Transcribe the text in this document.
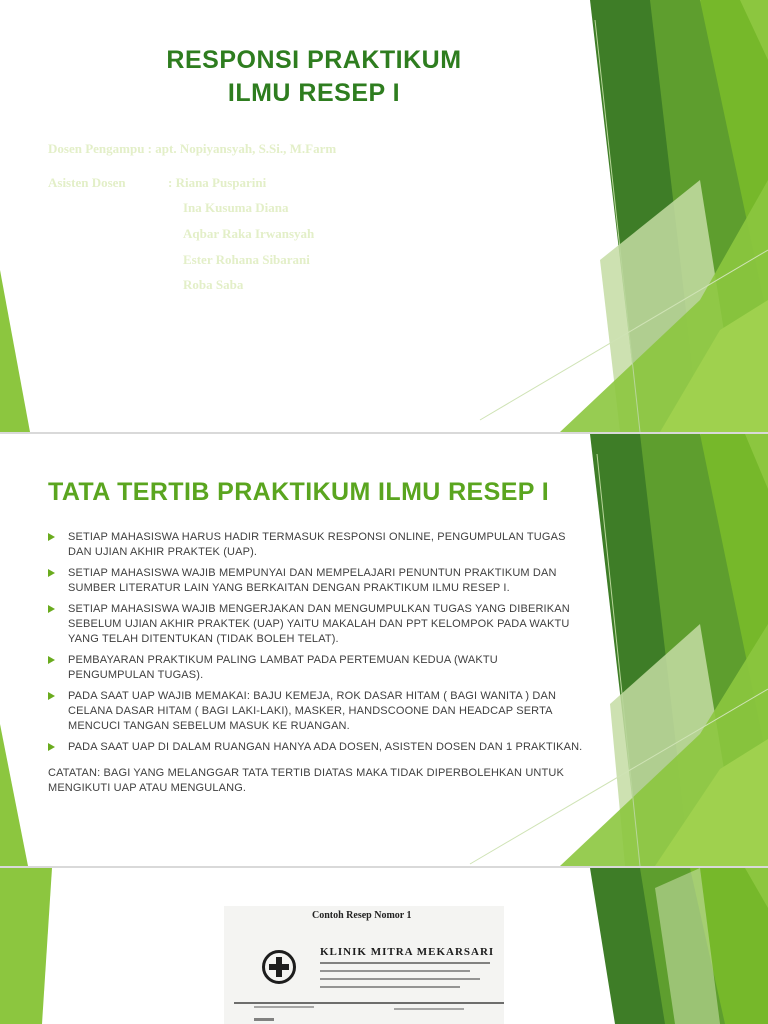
RESPONSI PRAKTIKUM
ILMU RESEP I
Dosen Pengampu : apt. Nopiyansyah, S.Si., M.Farm
Asisten Dosen	: Riana Pusparini
Ina Kusuma Diana
Aqbar Raka Irwansyah
Ester Rohana Sibarani
Roba Saba
TATA TERTIB PRAKTIKUM ILMU RESEP I
SETIAP MAHASISWA HARUS HADIR TERMASUK RESPONSI ONLINE, PENGUMPULAN TUGAS DAN UJIAN AKHIR PRAKTEK (UAP).
SETIAP MAHASISWA WAJIB MEMPUNYAI DAN MEMPELAJARI PENUNTUN PRAKTIKUM DAN SUMBER LITERATUR LAIN YANG BERKAITAN DENGAN PRAKTIKUM ILMU RESEP I.
SETIAP MAHASISWA WAJIB MENGERJAKAN DAN MENGUMPULKAN TUGAS YANG DIBERIKAN SEBELUM UJIAN AKHIR PRAKTEK (UAP) YAITU MAKALAH DAN PPT KELOMPOK PADA WAKTU YANG TELAH DITENTUKAN (TIDAK BOLEH TELAT).
PEMBAYARAN PRAKTIKUM PALING LAMBAT PADA PERTEMUAN KEDUA (WAKTU PENGUMPULAN TUGAS).
PADA SAAT UAP WAJIB MEMAKAI: BAJU KEMEJA, ROK DASAR HITAM ( BAGI WANITA ) DAN CELANA DASAR HITAM ( BAGI LAKI-LAKI), MASKER, HANDSCOONE DAN HEADCAP SERTA MENCUCI TANGAN SEBELUM MASUK KE RUANGAN.
PADA SAAT UAP DI DALAM RUANGAN HANYA ADA DOSEN, ASISTEN DOSEN DAN 1 PRAKTIKAN.
CATATAN: BAGI YANG MELANGGAR TATA TERTIB DIATAS MAKA TIDAK DIPERBOLEHKAN UNTUK MENGIKUTI UAP ATAU MENGULANG.
Contoh Resep Nomor 1
KLINIK MITRA MEKARSARI
